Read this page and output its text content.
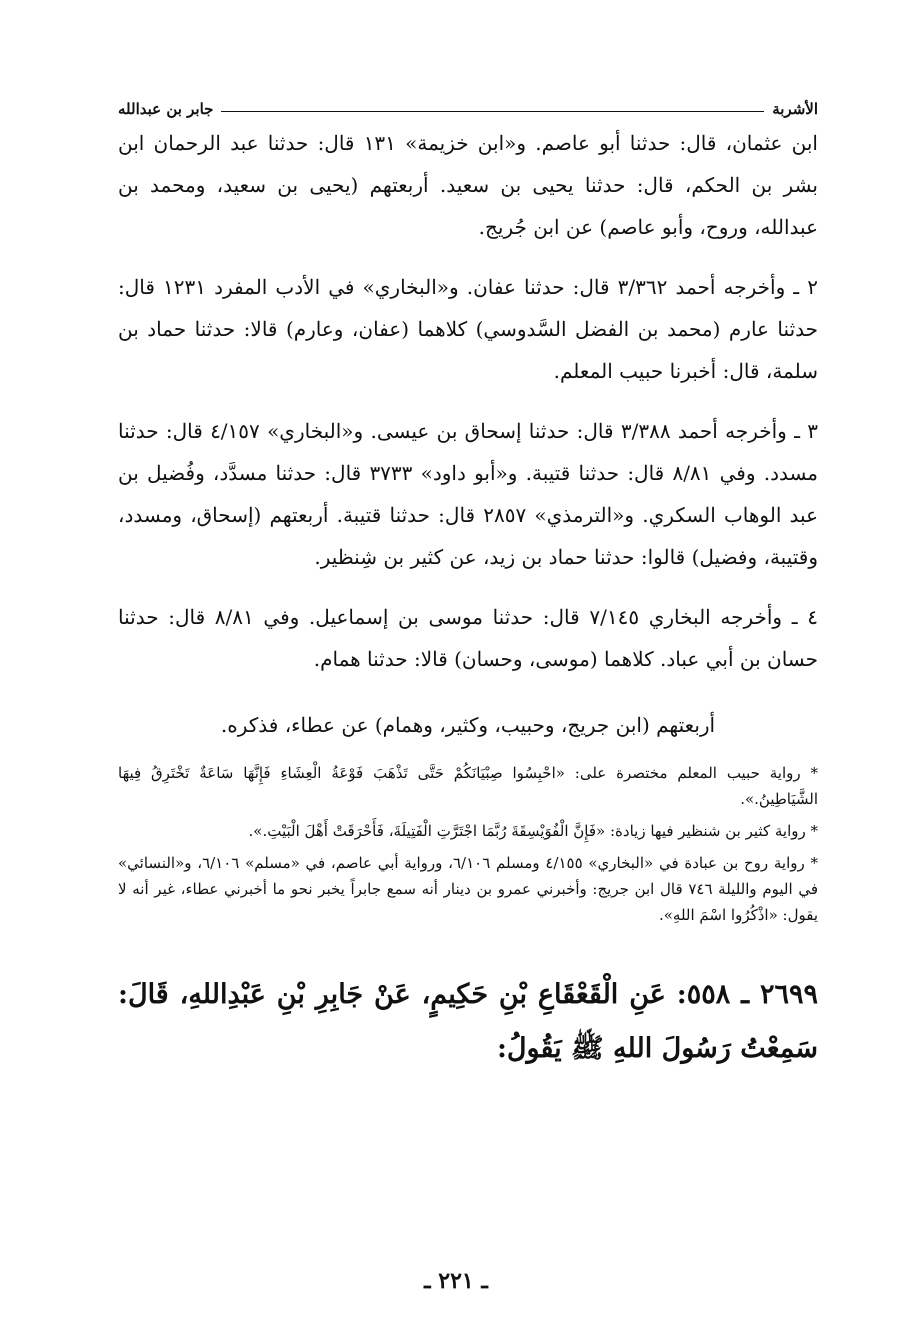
الأشربة
جابر بن عبدالله

ابن عثمان، قال: حدثنا أبو عاصم. و«ابن خزيمة» ١٣١ قال: حدثنا عبد الرحمان ابن بشر بن الحكم، قال: حدثنا يحيى بن سعيد. أربعتهم (يحيى بن سعيد، ومحمد بن عبدالله، وروح، وأبو عاصم) عن ابن جُريج.

٢ ـ وأخرجه أحمد ٣/٣٦٢ قال: حدثنا عفان. و«البخاري» في الأدب المفرد ١٢٣١ قال: حدثنا عارم (محمد بن الفضل السَّدوسي) كلاهما (عفان، وعارم) قالا: حدثنا حماد بن سلمة، قال: أخبرنا حبيب المعلم.

٣ ـ وأخرجه أحمد ٣/٣٨٨ قال: حدثنا إسحاق بن عيسى. و«البخاري» ٤/١٥٧ قال: حدثنا مسدد. وفي ٨/٨١ قال: حدثنا قتيبة. و«أبو داود» ٣٧٣٣ قال: حدثنا مسدَّد، وفُضيل بن عبد الوهاب السكري. و«الترمذي» ٢٨٥٧ قال: حدثنا قتيبة. أربعتهم (إسحاق، ومسدد، وقتيبة، وفضيل) قالوا: حدثنا حماد بن زيد، عن كثير بن شِنظير.

٤ ـ وأخرجه البخاري ٧/١٤٥ قال: حدثنا موسى بن إسماعيل. وفي ٨/٨١ قال: حدثنا حسان بن أبي عباد. كلاهما (موسى، وحسان) قالا: حدثنا همام.

أربعتهم (ابن جريج، وحبيب، وكثير، وهمام) عن عطاء، فذكره.

* رواية حبيب المعلم مختصرة على: «احْبِسُوا صِبْيَانَكُمْ حَتَّى تَذْهَبَ فَوْعَةُ الْعِشَاءِ فَإِنَّهَا سَاعَةٌ تَخْتَرِقُ فِيهَا الشَّيَاطِينُ.».

* رواية كثير بن شنظير فيها زيادة: «فَإِنَّ الْفُوَيْسِقَةَ رُبَّمَا اجْتَرَّتِ الْفَتِيلَةَ، فَأَحْرَقَتْ أَهْلَ الْبَيْتِ.».

* رواية روح بن عبادة في «البخاري» ٤/١٥٥ ومسلم ٦/١٠٦، ورواية أبي عاصم، في «مسلم» ٦/١٠٦، و«النسائي» في اليوم والليلة ٧٤٦ قال ابن جريج: وأخبرني عمرو بن دينار أنه سمع جابراً يخبر نحو ما أخبرني عطاء، غير أنه لا يقول: «اذْكُرُوا اسْمَ اللهِ».

٢٦٩٩ ـ ٥٥٨: عَنِ الْقَعْقَاعِ بْنِ حَكِيمٍ، عَنْ جَابِرِ بْنِ عَبْدِاللهِ، قَالَ: سَمِعْتُ رَسُولَ اللهِ ﷺ يَقُولُ:

ـ ٢٢١ ـ
